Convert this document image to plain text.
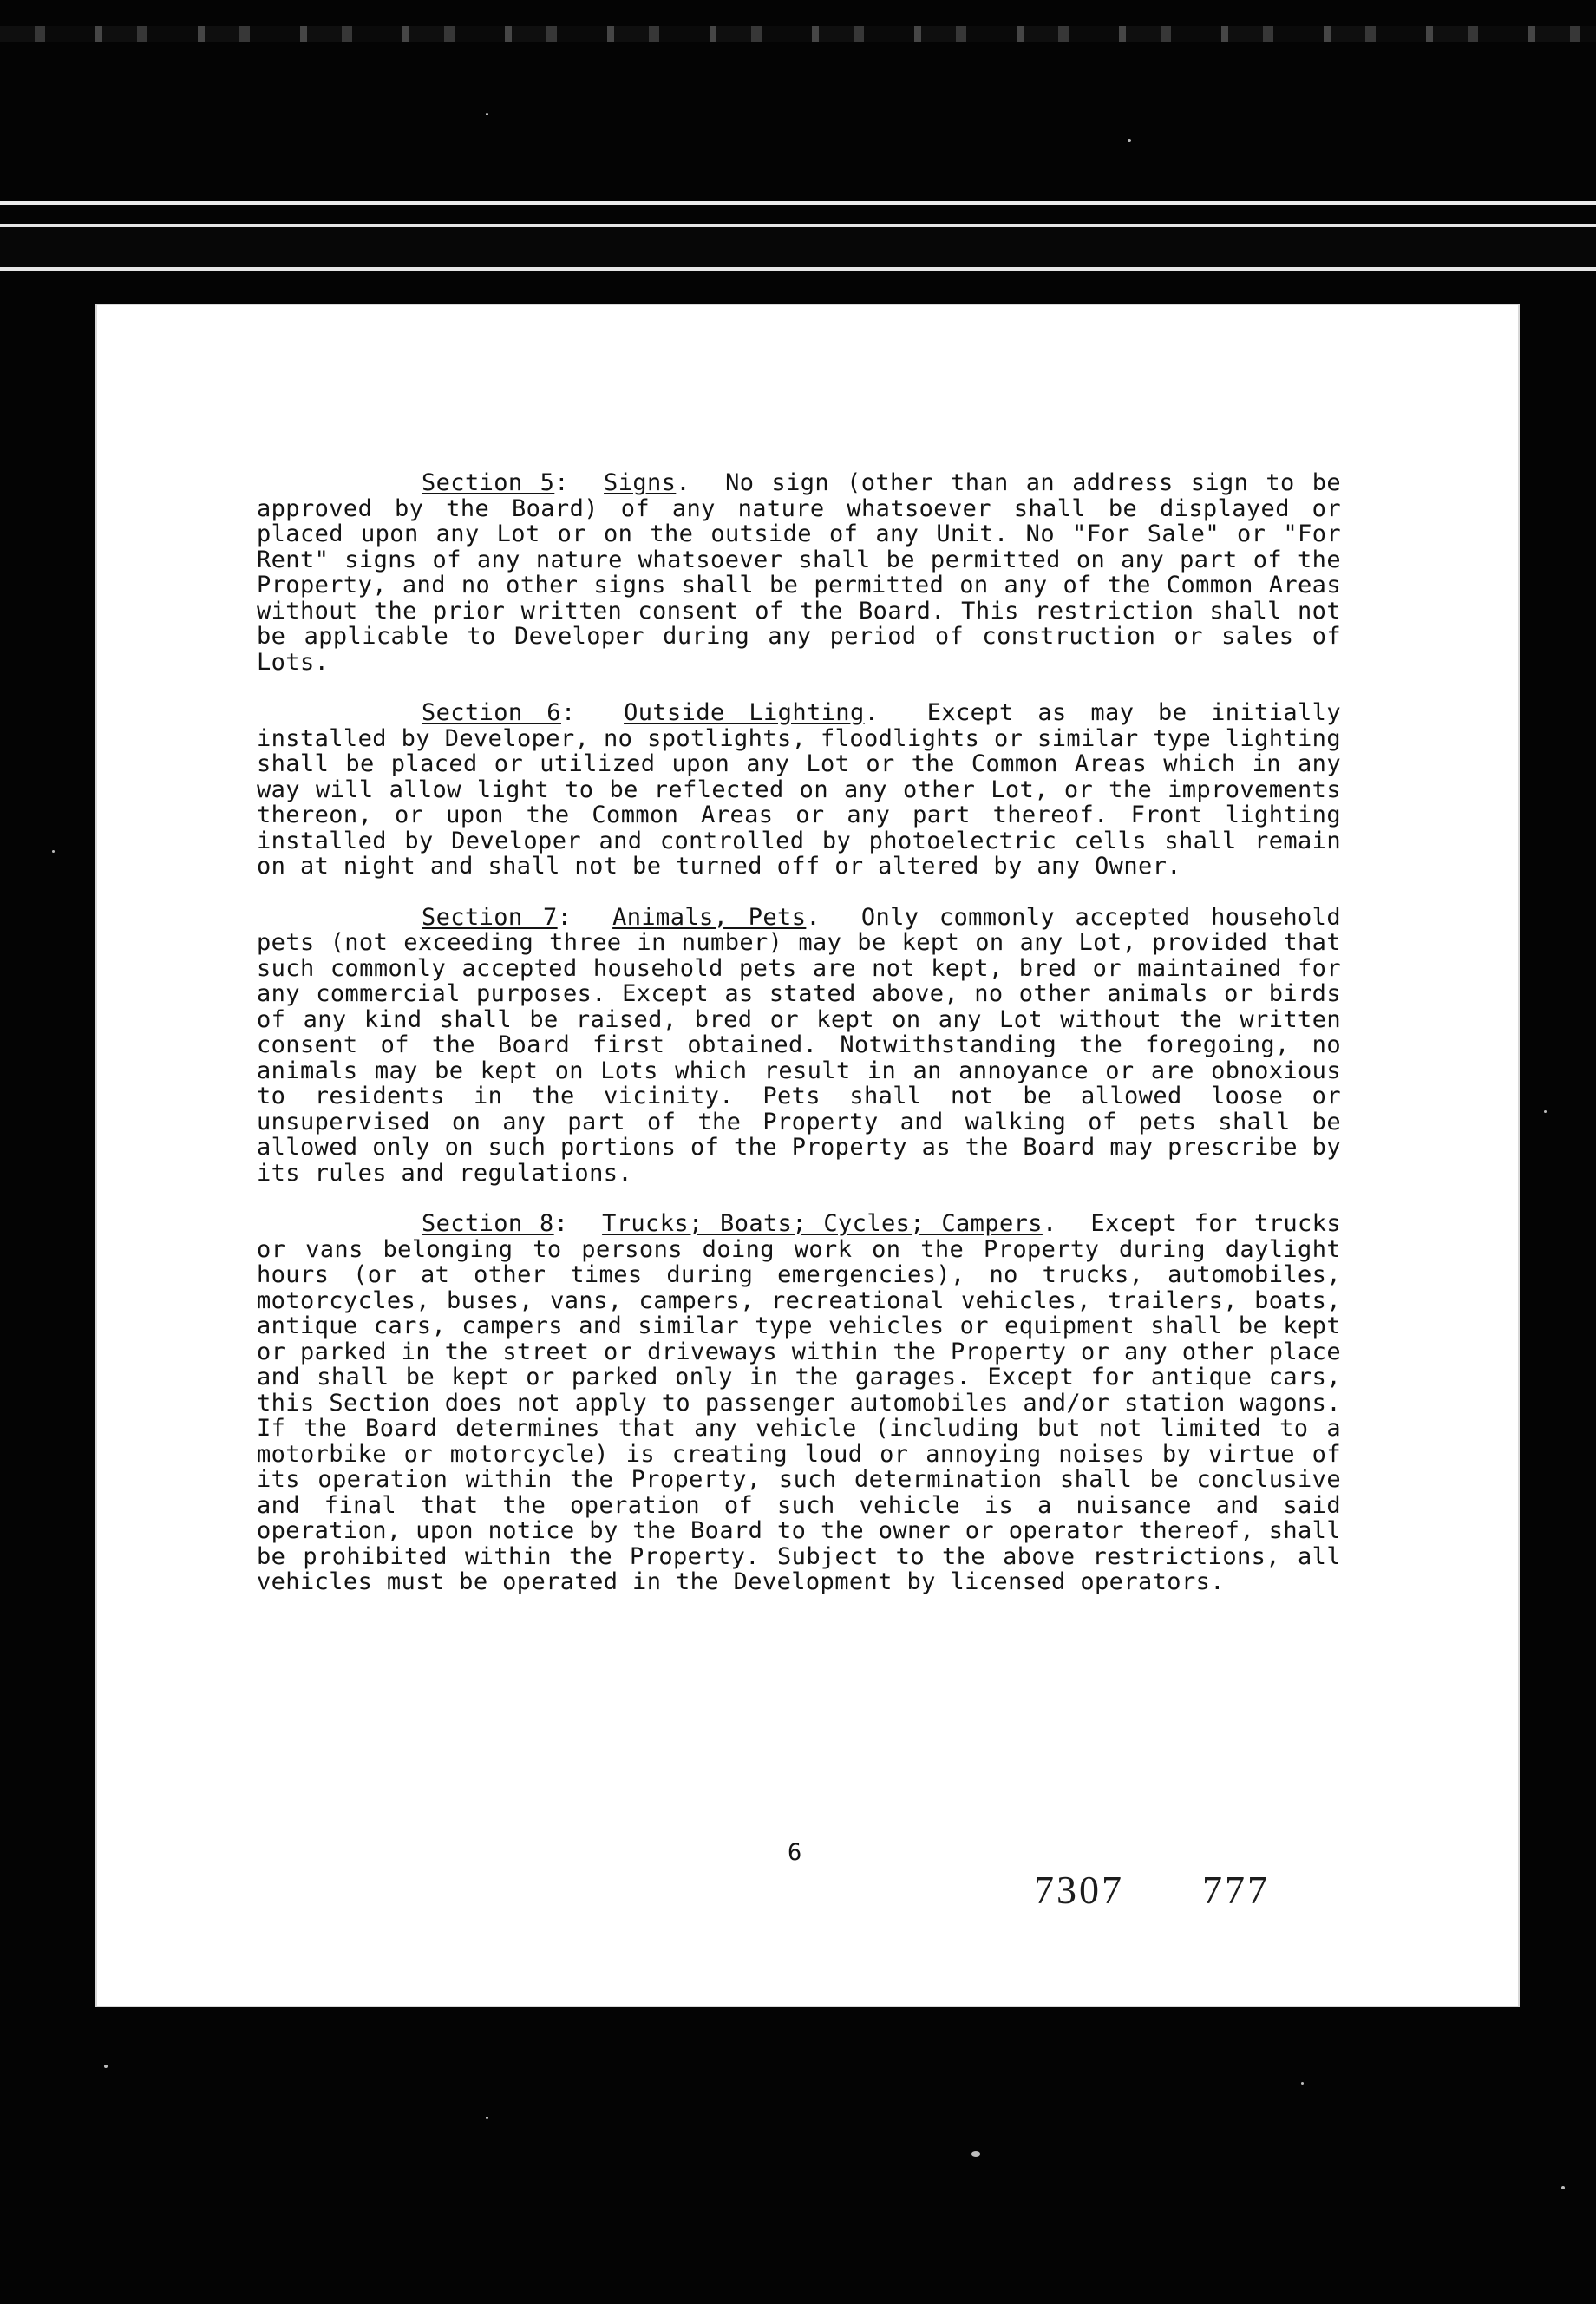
Section 5:  Signs.  No sign (other than an address sign to be approved by the Board) of any nature whatsoever shall be displayed or placed upon any Lot or on the outside of any Unit. No "For Sale" or "For Rent" signs of any nature whatsoever shall be permitted on any part of the Property, and no other signs shall be permitted on any of the Common Areas without the prior written consent of the Board. This restriction shall not be applicable to Developer during any period of construction or sales of Lots.

Section 6:  Outside Lighting.  Except as may be initially installed by Developer, no spotlights, floodlights or similar type lighting shall be placed or utilized upon any Lot or the Common Areas which in any way will allow light to be reflected on any other Lot, or the improvements thereon, or upon the Common Areas or any part thereof. Front lighting installed by Developer and controlled by photoelectric cells shall remain on at night and shall not be turned off or altered by any Owner.

Section 7:  Animals, Pets.  Only commonly accepted household pets (not exceeding three in number) may be kept on any Lot, provided that such commonly accepted household pets are not kept, bred or maintained for any commercial purposes. Except as stated above, no other animals or birds of any kind shall be raised, bred or kept on any Lot without the written consent of the Board first obtained. Notwithstanding the foregoing, no animals may be kept on Lots which result in an annoyance or are obnoxious to residents in the vicinity. Pets shall not be allowed loose or unsupervised on any part of the Property and walking of pets shall be allowed only on such portions of the Property as the Board may prescribe by its rules and regulations.

Section 8:  Trucks; Boats; Cycles; Campers.  Except for trucks or vans belonging to persons doing work on the Property during daylight hours (or at other times during emergencies), no trucks, automobiles, motorcycles, buses, vans, campers, recreational vehicles, trailers, boats, antique cars, campers and similar type vehicles or equipment shall be kept or parked in the street or driveways within the Property or any other place and shall be kept or parked only in the garages. Except for antique cars, this Section does not apply to passenger automobiles and/or station wagons. If the Board determines that any vehicle (including but not limited to a motorbike or motorcycle) is creating loud or annoying noises by virtue of its operation within the Property, such determination shall be conclusive and final that the operation of such vehicle is a nuisance and said operation, upon notice by the Board to the owner or operator thereof, shall be prohibited within the Property. Subject to the above restrictions, all vehicles must be operated in the Development by licensed operators.

6
7307 777
